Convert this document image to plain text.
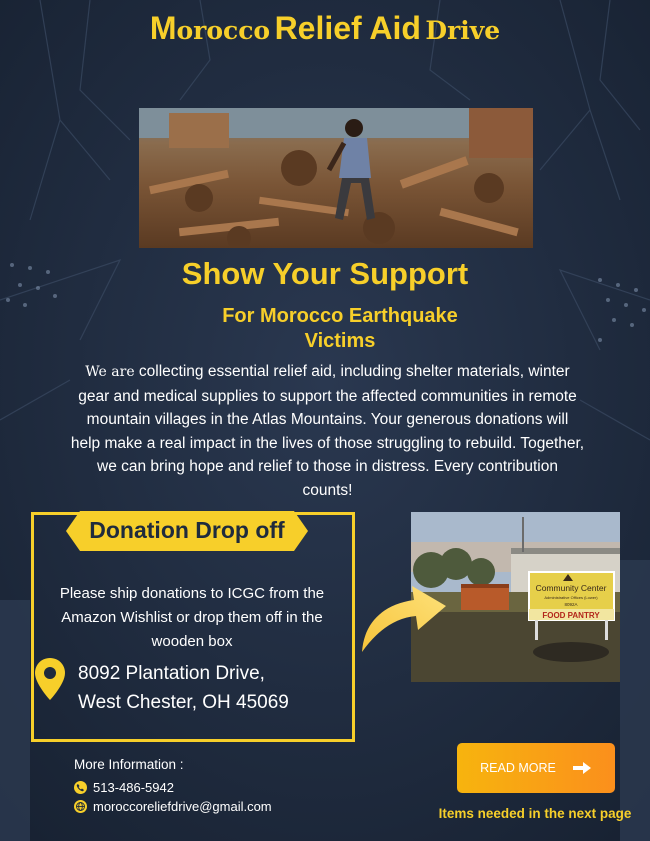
Morocco Relief Aid Drive
Show Your Support
For Morocco Earthquake Victims
We are collecting essential relief aid, including shelter materials, winter gear and medical supplies to support the affected communities in remote mountain villages in the Atlas Mountains. Your generous donations will help make a real impact in the lives of those struggling to rebuild. Together, we can bring hope and relief to those in distress. Every contribution counts!
Donation Drop off
Please ship donations to ICGC from the Amazon Wishlist or drop them off in the wooden box
8092 Plantation Drive,
West Chester, OH 45069
Community Center
Administrative Offices (Lower)
8092A
FOOD PANTRY
More Information :
513-486-5942
moroccoreliefdrive@gmail.com
READ MORE
Items needed in the next page
